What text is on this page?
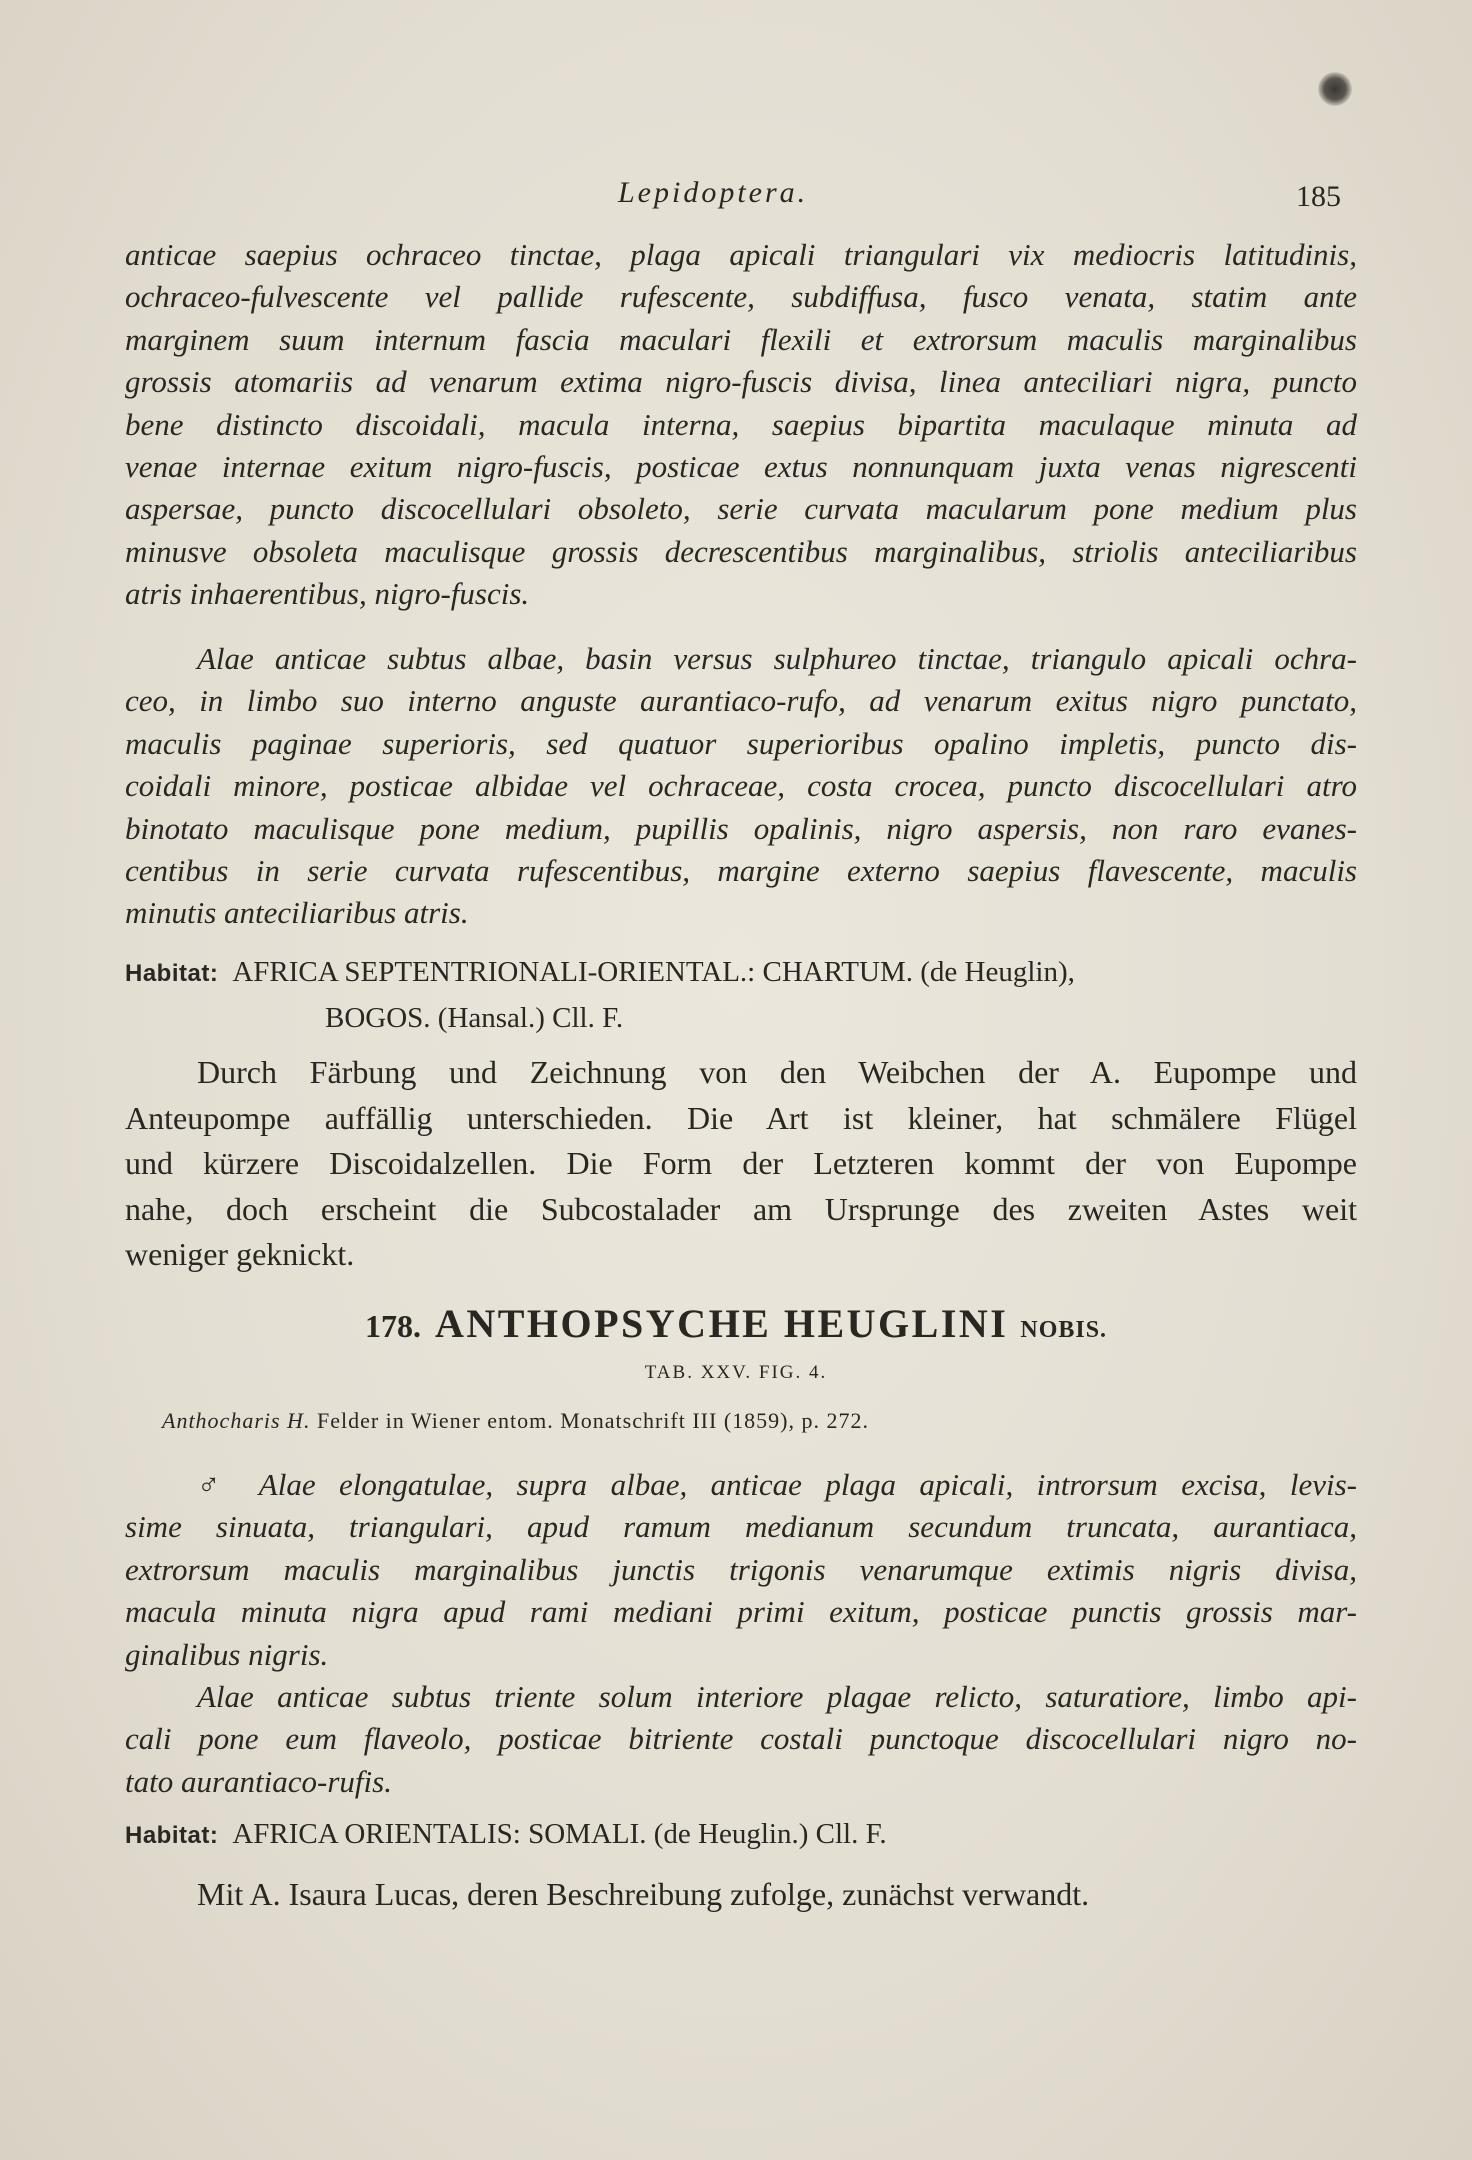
Lepidoptera.	185
anticae saepius ochraceo tinctae, plaga apicali triangulari vix mediocris latitudinis,
ochraceo-fulvescente vel pallide rufescente, subdiffusa, fusco venata, statim ante
marginem suum internum fascia maculari flexili et extrorsum maculis marginalibus
grossis atomariis ad venarum extima nigro-fuscis divisa, linea anteciliari nigra, puncto
bene distincto discoidali, macula interna, saepius bipartita maculaque minuta ad
venae internae exitum nigro-fuscis, posticae extus nonnunquam juxta venas nigrescenti
aspersae, puncto discocellulari obsoleto, serie curvata macularum pone medium plus
minusve obsoleta maculisque grossis decrescentibus marginalibus, striolis anteciliaribus
atris inhaerentibus, nigro-fuscis.
Alae anticae subtus albae, basin versus sulphureo tinctae, triangulo apicali ochra-
ceo, in limbo suo interno anguste aurantiaco-rufo, ad venarum exitus nigro punctato,
maculis paginae superioris, sed quatuor superioribus opalino impletis, puncto dis-
coidali minore, posticae albidae vel ochraceae, costa crocea, puncto discocellulari atro
binotato maculisque pone medium, pupillis opalinis, nigro aspersis, non raro evanes-
centibus in serie curvata rufescentibus, margine externo saepius flavescente, maculis
minutis anteciliaribus atris.
Habitat: AFRICA SEPTENTRIONALI-ORIENTAL.: CHARTUM. (de Heuglin),
BOGOS. (Hansal.) Cll. F.
Durch Färbung und Zeichnung von den Weibchen der A. Eupompe und
Anteupompe auffällig unterschieden. Die Art ist kleiner, hat schmälere Flügel
und kürzere Discoidalzellen. Die Form der Letzteren kommt der von Eupompe
nahe, doch erscheint die Subcostalader am Ursprunge des zweiten Astes weit
weniger geknickt.
178. ANTHOPSYCHE HEUGLINI NOBIS.
TAB. XXV. FIG. 4.
Anthocharis H. Felder in Wiener entom. Monatschrift III (1859), p. 272.
♂ Alae elongatulae, supra albae, anticae plaga apicali, introrsum excisa, levis-
sime sinuata, triangulari, apud ramum medianum secundum truncata, aurantiaca,
extrorsum maculis marginalibus junctis trigonis venarumque extimis nigris divisa,
macula minuta nigra apud rami mediani primi exitum, posticae punctis grossis mar-
ginalibus nigris.
Alae anticae subtus triente solum interiore plagae relicto, saturatiore, limbo api-
cali pone eum flaveolo, posticae bitriente costali punctoque discocellulari nigro no-
tato aurantiaco-rufis.
Habitat: AFRICA ORIENTALIS: SOMALI. (de Heuglin.) Cll. F.
Mit A. Isaura Lucas, deren Beschreibung zufolge, zunächst verwandt.
